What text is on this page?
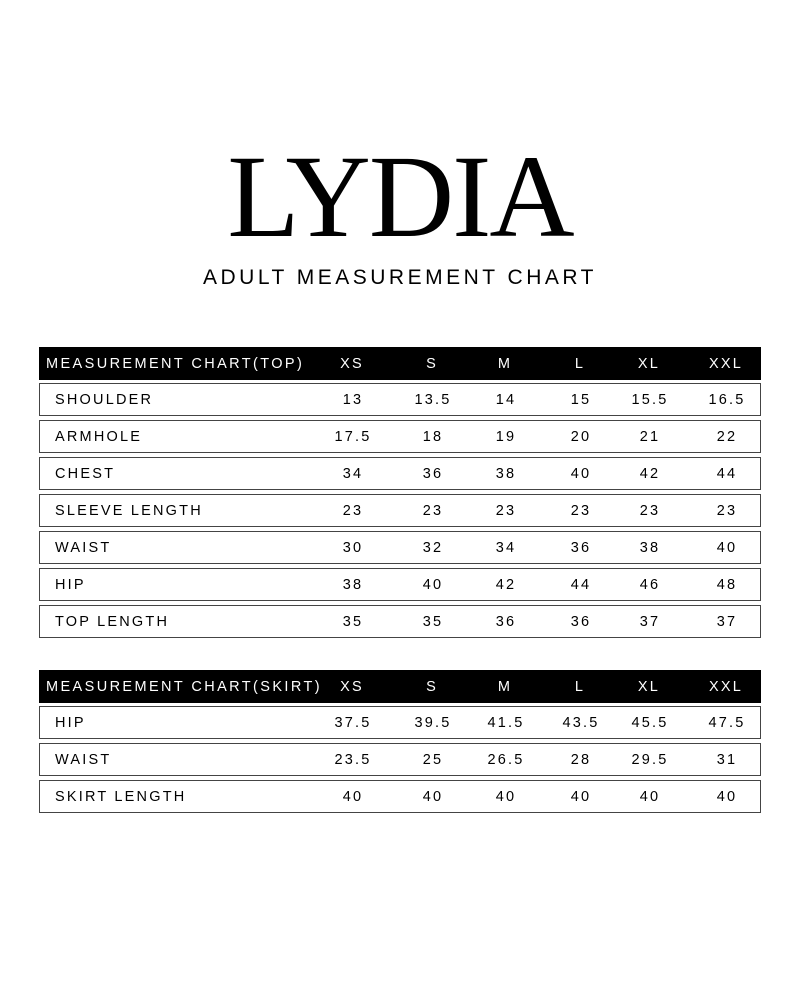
LYDIA
ADULT MEASUREMENT CHART
MEASUREMENT CHART(TOP)	XS	S	M	L	XL	XXL
SHOULDER	13	13.5	14	15	15.5	16.5
ARMHOLE	17.5	18	19	20	21	22
CHEST	34	36	38	40	42	44
SLEEVE LENGTH	23	23	23	23	23	23
WAIST	30	32	34	36	38	40
HIP	38	40	42	44	46	48
TOP LENGTH	35	35	36	36	37	37
MEASUREMENT CHART(SKIRT)	XS	S	M	L	XL	XXL
HIP	37.5	39.5	41.5	43.5	45.5	47.5
WAIST	23.5	25	26.5	28	29.5	31
SKIRT LENGTH	40	40	40	40	40	40
